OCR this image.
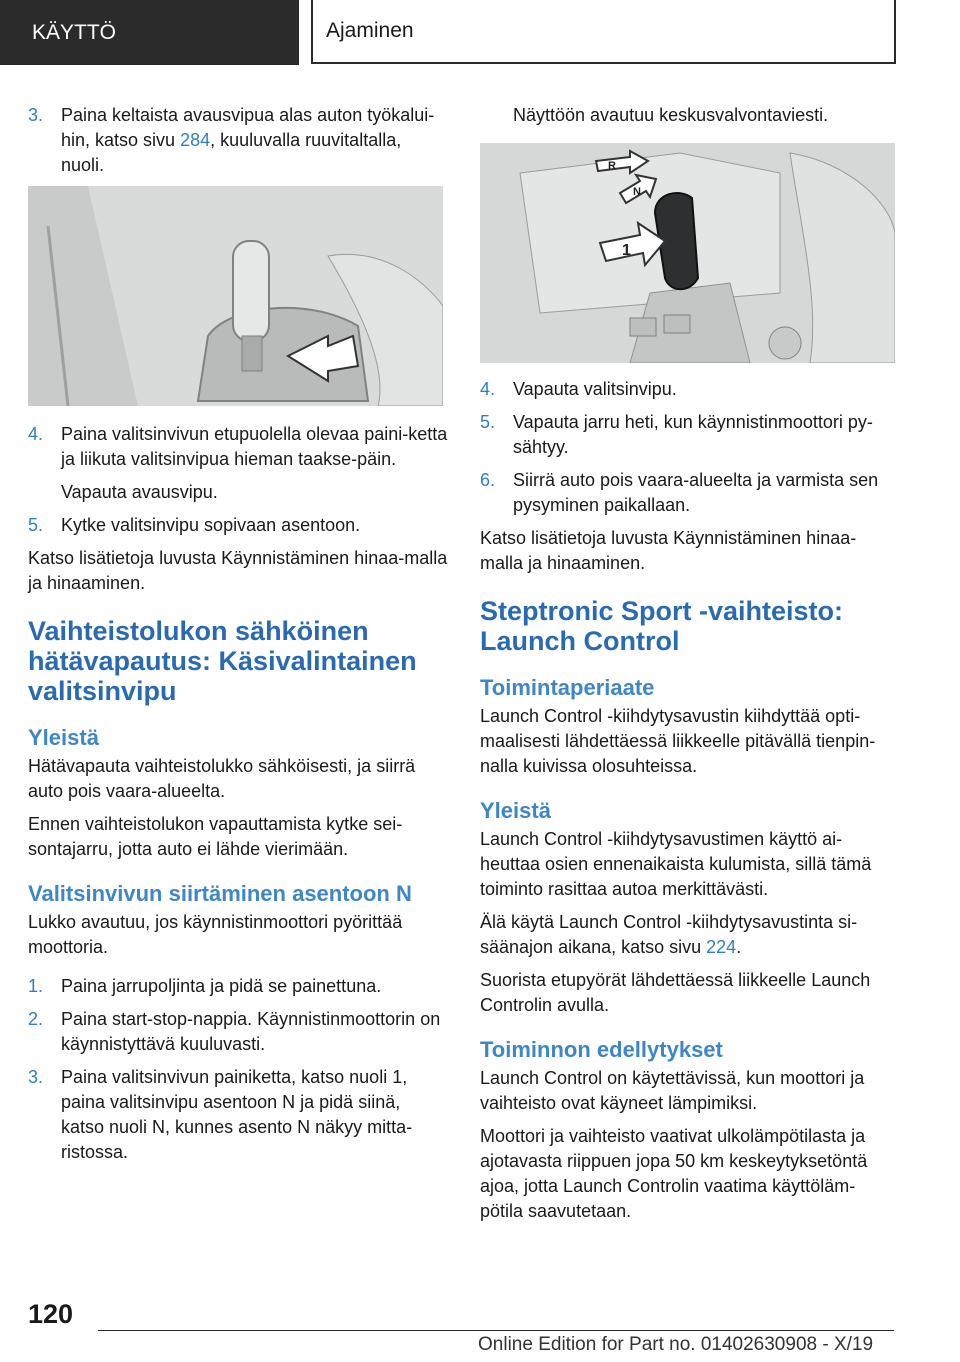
KÄYTTÖ	Ajaminen
3. Paina keltaista avausvipua alas auton työkalui-hin, katso sivu 284, kuuluvalla ruuvitaltalla, nuoli.
4. Paina valitsinvivun etupuolella olevaa paini-ketta ja liikuta valitsinvipua hieman taakse-päin.

Vapauta avausvipu.

5. Kytke valitsinvipu sopivaan asentoon.

Katso lisätietoja luvusta Käynnistäminen hinaa-malla ja hinaaminen.

Vaihteistolukon sähköinen hätävapautus: Käsivalintainen valitsinvipu
Yleistä

Hätävapauta vaihteistolukko sähköisesti, ja siirrä auto pois vaara-alueelta.

Ennen vaihteistolukon vapauttamista kytke sei-sontajarru, jotta auto ei lähde vierimään.

Valitsinvivun siirtäminen asentoon N

Lukko avautuu, jos käynnistinmoottori pyörittää moottoria.

1. Paina jarrupoljinta ja pidä se painettuna.
2. Paina start-stop-nappia. Käynnistinmoottorin on käynnistyttävä kuuluvasti.
3. Paina valitsinvivun painiketta, katso nuoli 1, paina valitsinvipu asentoon N ja pidä siinä, katso nuoli N, kunnes asento N näkyy mitta-ristossa.

Näyttöön avautuu keskusvalvontaviesti.

R
N
1
4. Vapauta valitsinvipu.
5. Vapauta jarru heti, kun käynnistinmoottori py-sähtyy.
6. Siirrä auto pois vaara-alueelta ja varmista sen pysyminen paikallaan.

Katso lisätietoja luvusta Käynnistäminen hinaa-malla ja hinaaminen.

Steptronic Sport -vaihteisto: Launch Control
Toimintaperiaate

Launch Control -kiihdytysavustin kiihdyttää opti-maalisesti lähdettäessä liikkeelle pitävällä tienpin-nalla kuivissa olosuhteissa.

Yleistä

Launch Control -kiihdytysavustimen käyttö ai-heuttaa osien ennenaikaista kulumista, sillä tämä toiminto rasittaa autoa merkittävästi.

Älä käytä Launch Control -kiihdytysavustinta si-säänajon aikana, katso sivu 224.

Suorista etupyörät lähdettäessä liikkeelle Launch Controlin avulla.

Toiminnon edellytykset

Launch Control on käytettävissä, kun moottori ja vaihteisto ovat käyneet lämpimiksi.

Moottori ja vaihteisto vaativat ulkolämpötilasta ja ajotavasta riippuen jopa 50 km keskeytyksetöntä ajoa, jotta Launch Controlin vaatima käyttöläm-pötila saavutetaan.

120
Online Edition for Part no. 01402630908 - X/19
